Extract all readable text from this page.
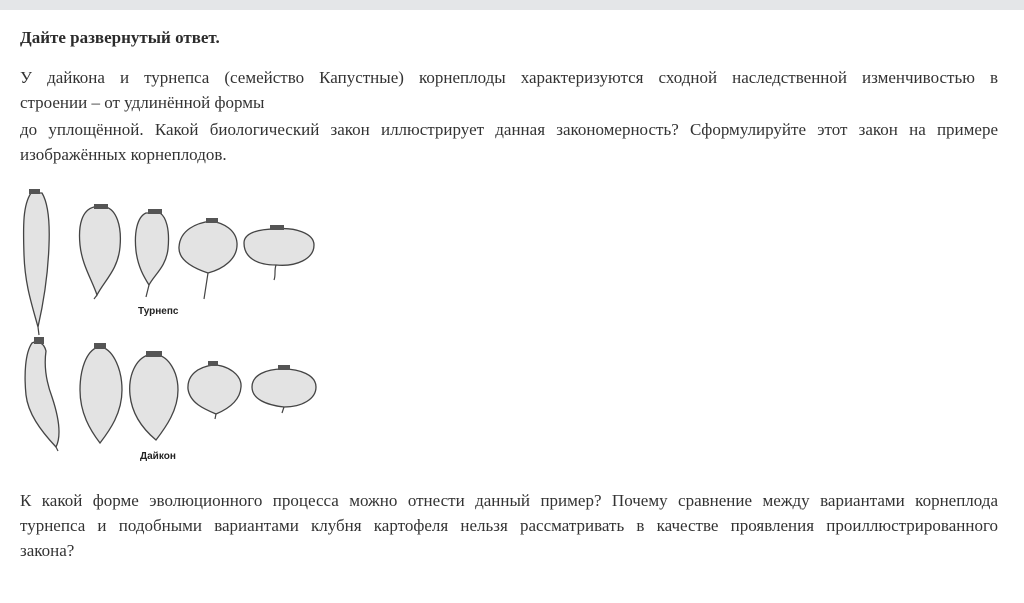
Дайте развернутый ответ.

У дайкона и турнепса (семейство Капустные) корнеплоды характеризуются сходной наследственной изменчивостью в
строении – от удлинённой формы

до уплощённой. Какой биологический закон иллюстрирует данная закономерность? Сформулируйте этот закон на примере
изображённых корнеплодов.

Турнепс
Дайкон

К какой форме эволюционного процесса можно отнести данный пример? Почему сравнение между вариантами корнеплода
турнепса и подобными вариантами клубня картофеля нельзя рассматривать в качестве проявления проиллюстрированного
закона?
